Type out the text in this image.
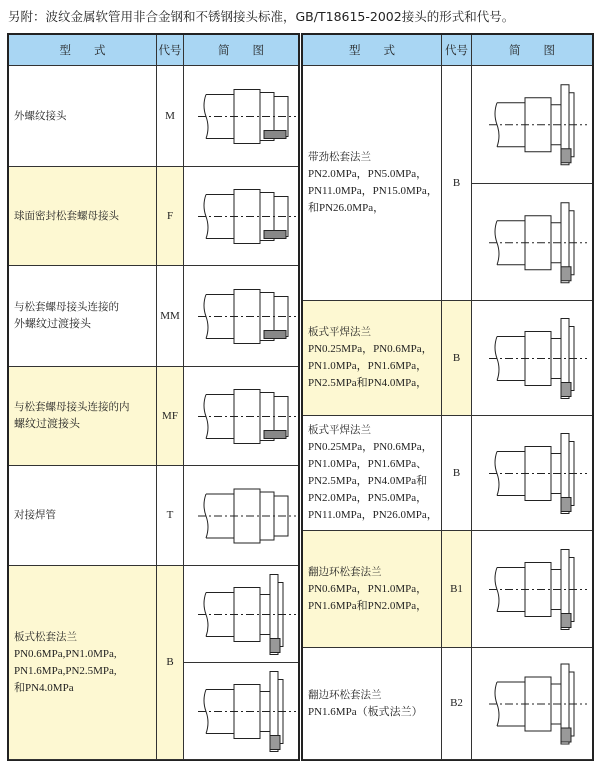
另附：波纹金属软管用非合金钢和不锈钢接头标准，GB/T18615-2002接头的形式和代号。
型　　式	代号	简　　图
外螺纹接头	M
球面密封松套螺母接头	F
与松套螺母接头连接的
外螺纹过渡接头
MM
与松套螺母接头连接的内
螺纹过渡接头
MF
对接焊管	T
板式松套法兰
PN0.6MPa,PN1.0MPa,
PN1.6MPa,PN2.5MPa,
和PN4.0MPa
B
型　　式	代号	简　　图
带劲松套法兰
PN2.0MPa，PN5.0MPa，
PN11.0MPa，PN15.0MPa，
和PN26.0MPa，
B
板式平焊法兰
PN0.25MPa，PN0.6MPa，
PN1.0MPa，PN1.6MPa，
PN2.5MPa和PN4.0MPa，
B
板式平焊法兰
PN0.25MPa，PN0.6MPa，
PN1.0MPa，PN1.6MPa、
PN2.5MPa，PN4.0MPa和
PN2.0MPa，PN5.0MPa，
PN11.0MPa，PN26.0MPa，
B
翻边环松套法兰
PN0.6MPa，PN1.0MPa，
PN1.6MPa和PN2.0MPa，
B1
翻边环松套法兰
PN1.6MPa（板式法兰）
B2
